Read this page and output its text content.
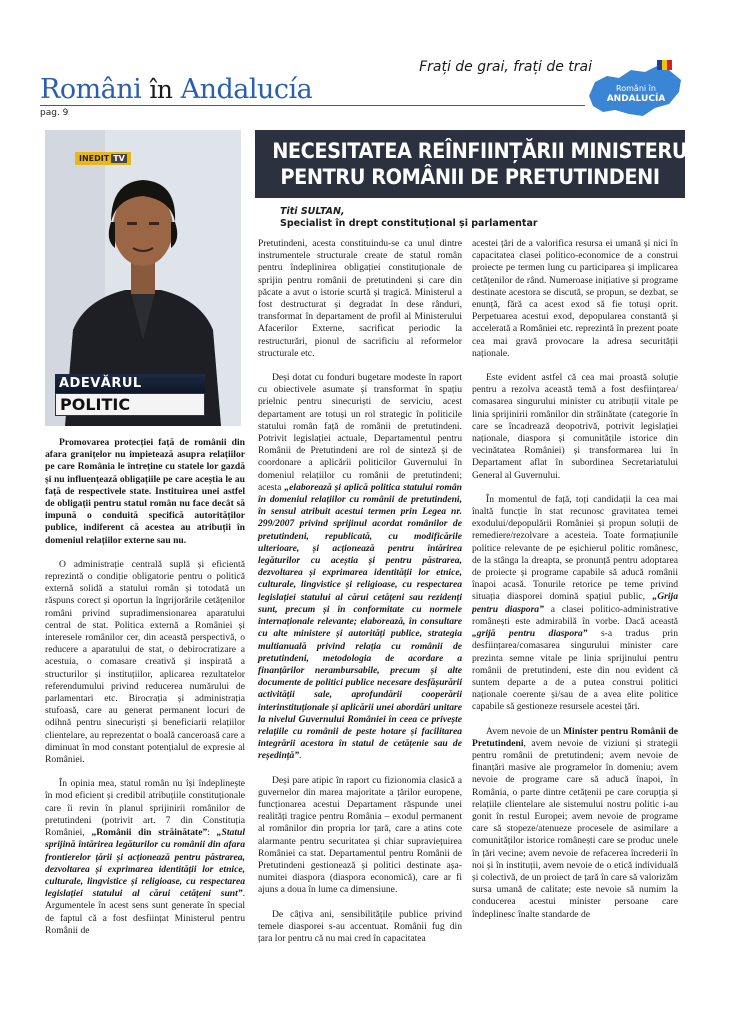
Români în Andalucía
Frați de grai, frați de trai
pag. 9
Români în
ANDALUCÍA
INEDIT TV
ADEVĂRUL
POLITIC
NECESITATEA REÎNFIINȚĂRII MINISTERULUI
PENTRU ROMÂNII DE PRETUTINDENI
Titi SULTAN,
Specialist în drept constituțional și parlamentar

Promovarea protecției față de românii din afara granițelor nu impietează asupra relațiilor pe care România le întreține cu statele lor gazdă și nu influențează obligațiile pe care aceștia le au față de respectivele state. Instituirea unei astfel de obligații pentru statul român nu face decât să impună o conduită specifică autorităților publice, indiferent că acestea au atribuții în domeniul relațiilor externe sau nu.

O administrație centrală suplă și eficientă reprezintă o condiție obligatorie pentru o politică externă solidă a statului român și totodată un răspuns corect și oportun la îngrijorările cetățenilor români privind supradimensionarea aparatului central de stat. Politica externă a României și interesele românilor cer, din această perspectivă, o reducere a aparatului de stat, o debirocratizare a acestuia, o comasare creativă și inspirată a structurilor și instituțiilor, aplicarea rezultatelor referendumului privind reducerea numărului de parlamentari etc. Birocrația și administrația stufoasă, care au generat permanent locuri de odihnă pentru sinecuriști și beneficiarii relațiilor clientelare, au reprezentat o boală canceroasă care a diminuat în mod constant potențialul de expresie al României.

În opinia mea, statul român nu își îndeplinește în mod eficient și credibil atribuțiile constituționale care îi revin în planul sprijinirii românilor de pretutindeni (potrivit art. 7 din Constituția României, „Românii din străinătate”: „Statul sprijină întărirea legăturilor cu românii din afara frontierelor țării și acționează pentru păstrarea, dezvoltarea și exprimarea identității lor etnice, culturale, lingvistice și religioase, cu respectarea legislației statului al cărui cetățeni sunt”. Argumentele în acest sens sunt generate în special de faptul că a fost desființat Ministerul pentru Românii de

Pretutindeni, acesta constituindu-se ca unul dintre instrumentele structurale create de statul român pentru îndeplinirea obligației constituționale de sprijin pentru românii de pretutindeni și care din păcate a avut o istorie scurtă și tragică. Ministerul a fost destructurat și degradat în dese rânduri, transformat în departament de profil al Ministerului Afacerilor Externe, sacrificat periodic la restructurări, pionul de sacrificiu al reformelor structurale etc.

Deși dotat cu fonduri bugetare modeste în raport cu obiectivele asumate și transformat în spațiu prielnic pentru sinecuriști de serviciu, acest departament are totuși un rol strategic în politicile statului român față de românii de pretutindeni. Potrivit legislației actuale, Departamentul pentru Românii de Pretutindeni are rol de sinteză și de coordonare a aplicării politicilor Guvernului în domeniul relațiilor cu românii de pretutindeni; acesta „elaborează și aplică politica statului român în domeniul relațiilor cu românii de pretutindeni, în sensul atribuit acestui termen prin Legea nr. 299/2007 privind sprijinul acordat românilor de pretutindeni, republicată, cu modificările ulterioare, și acționează pentru întărirea legăturilor cu aceștia și pentru păstrarea, dezvoltarea și exprimarea identității lor etnice, culturale, lingvistice și religioase, cu respectarea legislației statului al cărui cetățeni sau rezidenți sunt, precum și în conformitate cu normele internaționale relevante; elaborează, în consultare cu alte ministere și autorități publice, strategia multianuală privind relația cu românii de pretutindeni, metodologia de acordare a finanțărilor nerambursabile, precum și alte documente de politici publice necesare desfășurării activității sale, aprofundării cooperării interinstituționale și aplicării unei abordări unitare la nivelul Guvernului României în ceea ce privește relațiile cu românii de peste hotare și facilitarea integrării acestora în statul de cetățenie sau de reședință”.

Deși pare atipic în raport cu fizionomia clasică a guvernelor din marea majoritate a țărilor europene, funcționarea acestui Departament răspunde unei realități tragice pentru România – exodul permanent al românilor din propria lor țară, care a atins cote alarmante pentru securitatea și chiar supraviețuirea României ca stat. Departamentul pentru Românii de Pretutindeni gestionează și politici destinate așa-numitei diaspora (diaspora economică), care ar fi ajuns a doua în lume ca dimensiune.

De câțiva ani, sensibilitățile publice privind temele diasporei s-au accentuat. Românii fug din țara lor pentru că nu mai cred în capacitatea

acestei țări de a valorifica resursa ei umană și nici în capacitatea clasei politico-economice de a construi proiecte pe termen lung cu participarea și implicarea cetățenilor de rând. Numeroase inițiative și programe destinate acestora se discută, se propun, se dezbat, se enunță, fără ca acest exod să fie totuși oprit. Perpetuarea acestui exod, depopularea constantă și accelerată a României etc. reprezintă în prezent poate cea mai gravă provocare la adresa securității naționale.

Este evident astfel că cea mai proastă soluție pentru a rezolva această temă a fost desființarea/ comasarea singurului minister cu atribuții vitale pe linia sprijinirii românilor din străinătate (categorie în care se încadrează deopotrivă, potrivit legislației naționale, diaspora și comunitățile istorice din vecinătatea României) și transformarea lui în Departament aflat în subordinea Secretariatului General al Guvernului.

În momentul de față, toți candidații la cea mai înaltă funcție în stat recunosc gravitatea temei exodului/depopulării României și propun soluții de remediere/rezolvare a acesteia. Toate formațiunile politice relevante de pe eșichierul politic românesc, de la stânga la dreapta, se pronunță pentru adoptarea de proiecte și programe capabile să aducă românii înapoi acasă. Tonurile retorice pe teme privind situația diasporei domină spațiul public, „Grija pentru diaspora” a clasei politico-administrative românești este admirabilă în vorbe. Dacă această „grijă pentru diaspora” s-a tradus prin desființarea/comasarea singurului minister care prezinta semne vitale pe linia sprijinului pentru românii de pretutindeni, este din nou evident că suntem departe a de a putea construi politici naționale coerente și/sau de a avea elite politice capabile să gestioneze resursele acestei țări.

Avem nevoie de un Minister pentru Românii de Pretutindeni, avem nevoie de viziuni și strategii pentru românii de pretutindeni; avem nevoie de finanțări masive ale programelor în domeniu; avem nevoie de programe care să aducă înapoi, în România, o parte dintre cetățenii pe care corupția și relațiile clientelare ale sistemului nostru politic i-au gonit în restul Europei; avem nevoie de programe care să stopeze/atenueze procesele de asimilare a comunităților istorice românești care se produc unele în țări vecine; avem nevoie de refacerea încrederii în noi și în instituții, avem nevoie de o etică individuală și colectivă, de un proiect de țară în care să valorizăm sursa umană de calitate; este nevoie să numim la conducerea acestui minister persoane care îndeplinesc înalte standarde de
